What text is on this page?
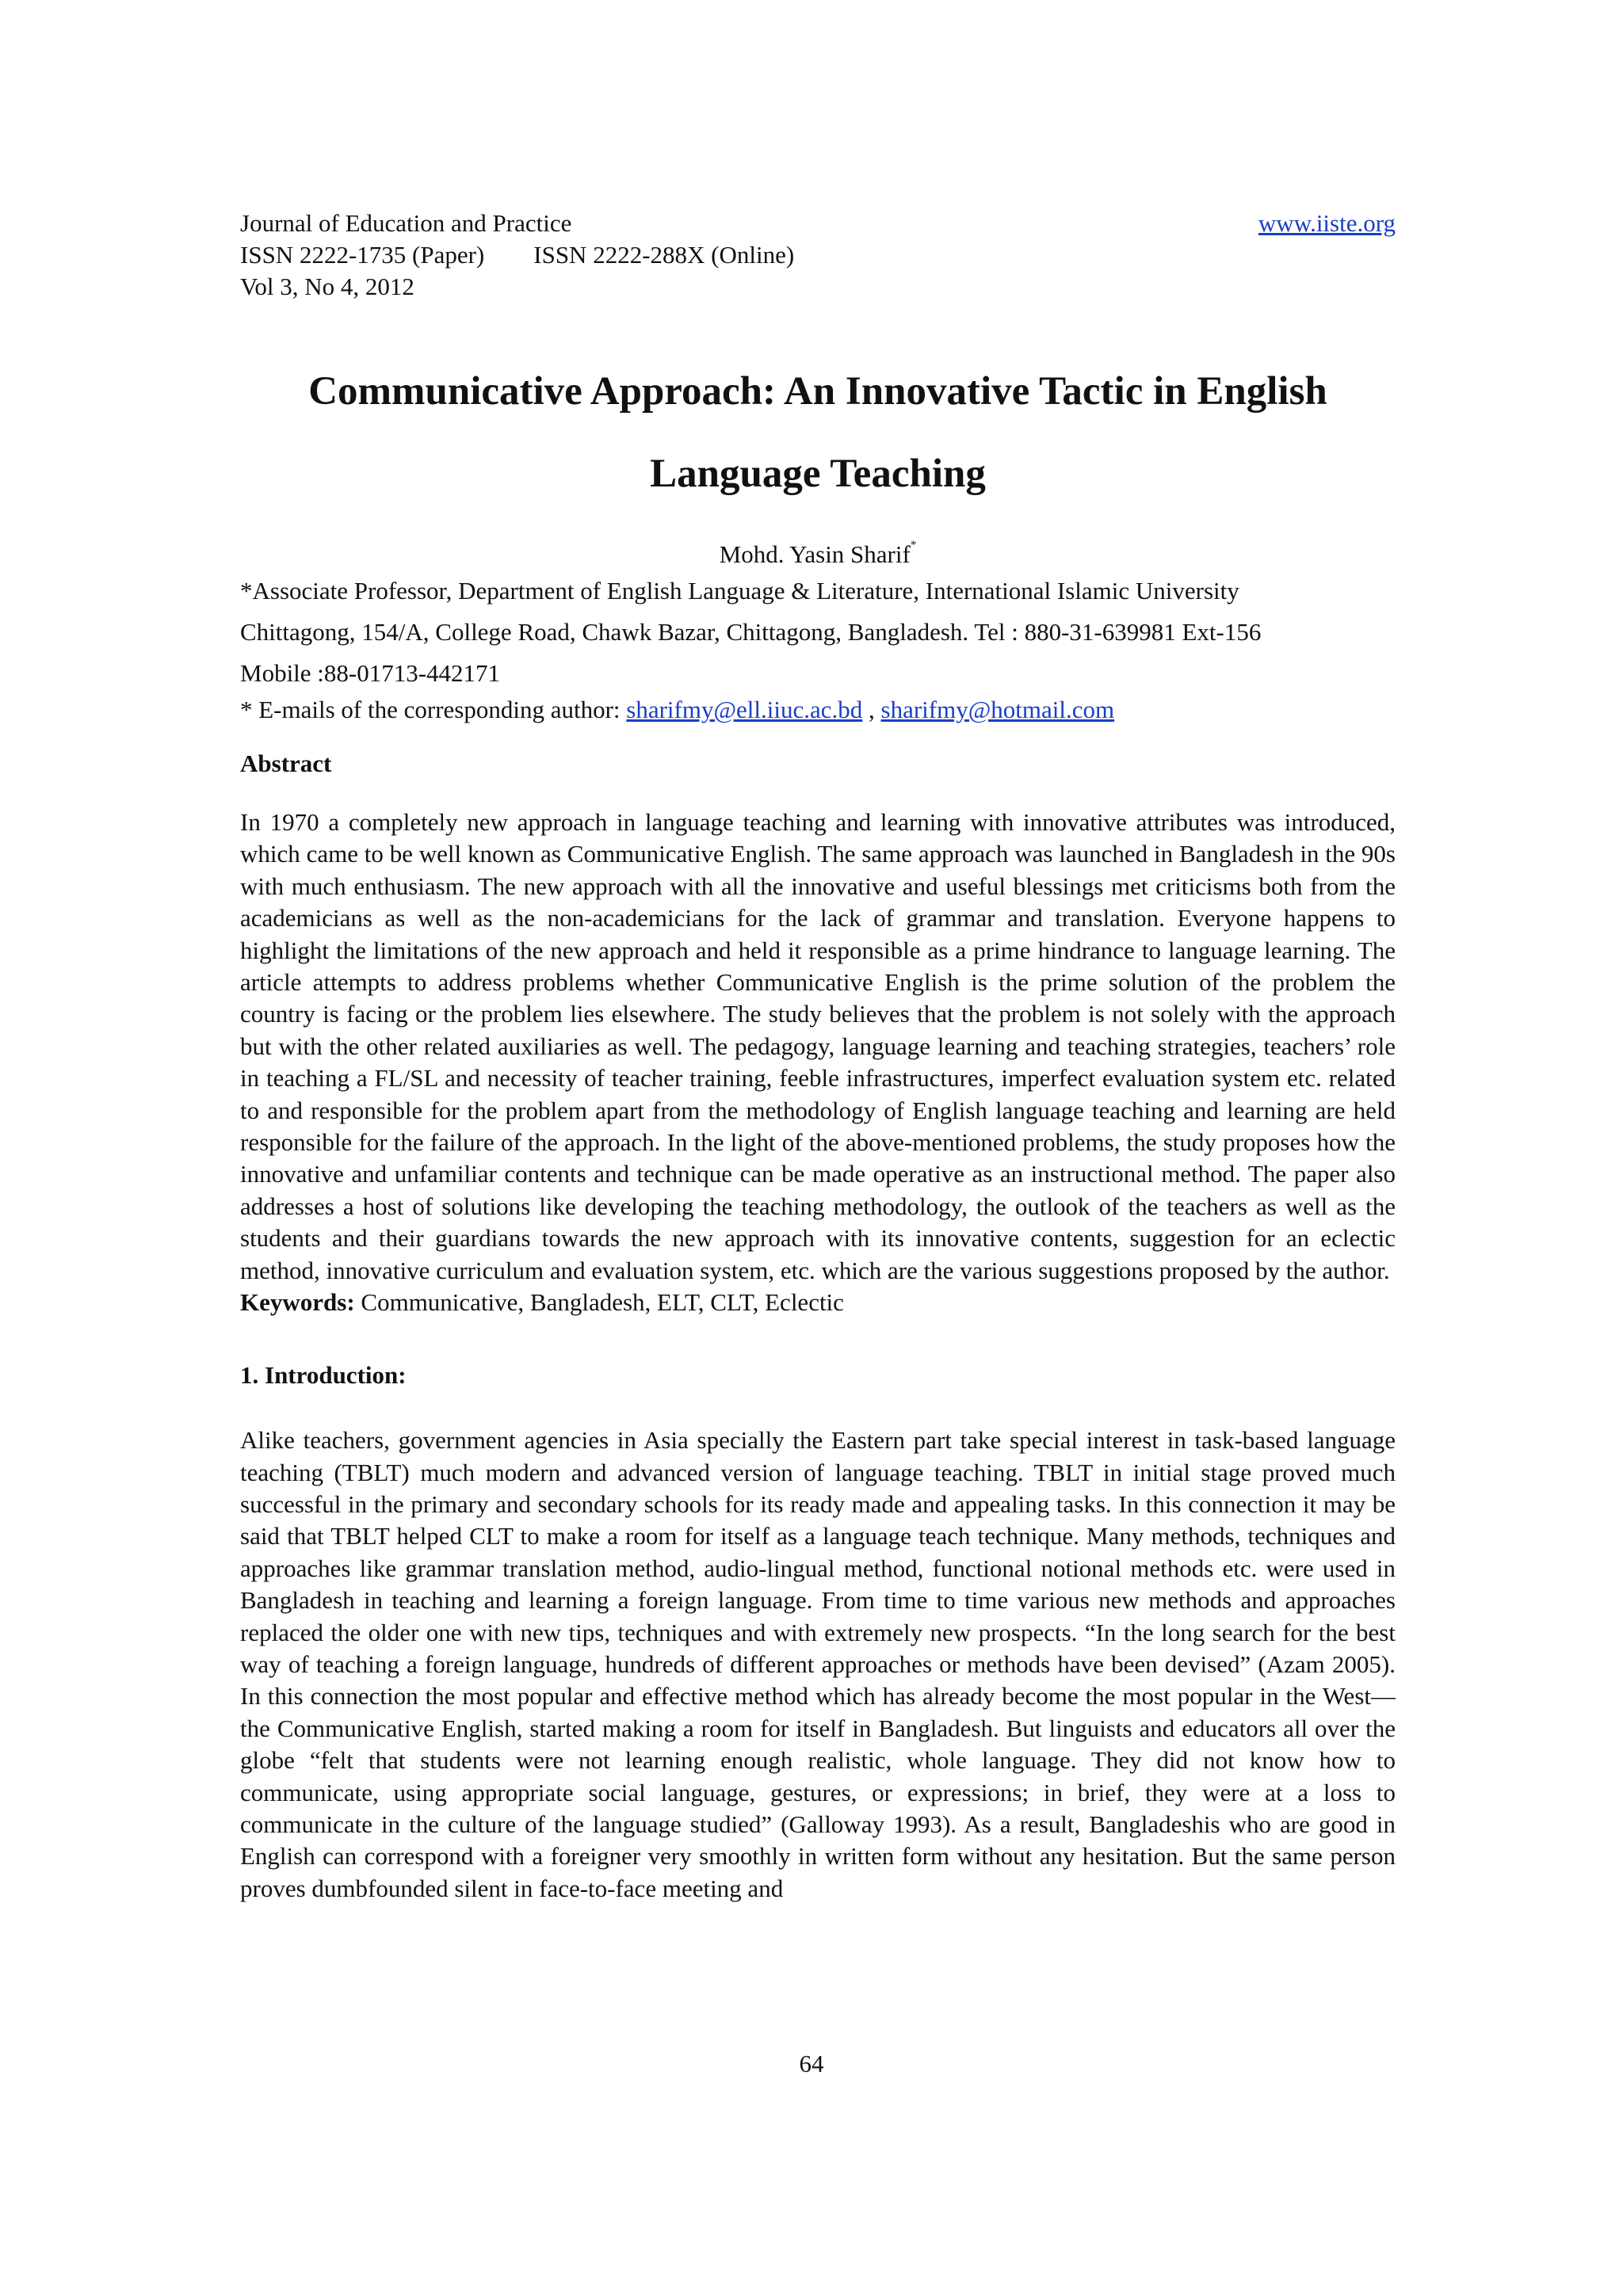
Journal of Education and Practice	www.iiste.org
ISSN 2222-1735 (Paper) ISSN 2222-288X (Online)
Vol 3, No 4, 2012
Communicative Approach: An Innovative Tactic in English
Language Teaching
Mohd. Yasin Sharif*
*Associate Professor, Department of English Language & Literature, International Islamic University
Chittagong, 154/A, College Road, Chawk Bazar, Chittagong, Bangladesh. Tel : 880-31-639981 Ext-156
Mobile :88-01713-442171
* E-mails of the corresponding author: sharifmy@ell.iiuc.ac.bd , sharifmy@hotmail.com
Abstract

In 1970 a completely new approach in language teaching and learning with innovative attributes was introduced, which came to be well known as Communicative English. The same approach was launched in Bangladesh in the 90s with much enthusiasm. The new approach with all the innovative and useful blessings met criticisms both from the academicians as well as the non-academicians for the lack of grammar and translation. Everyone happens to highlight the limitations of the new approach and held it responsible as a prime hindrance to language learning. The article attempts to address problems whether Communicative English is the prime solution of the problem the country is facing or the problem lies elsewhere. The study believes that the problem is not solely with the approach but with the other related auxiliaries as well. The pedagogy, language learning and teaching strategies, teachers’ role in teaching a FL/SL and necessity of teacher training, feeble infrastructures, imperfect evaluation system etc. related to and responsible for the problem apart from the methodology of English language teaching and learning are held responsible for the failure of the approach. In the light of the above-mentioned problems, the study proposes how the innovative and unfamiliar contents and technique can be made operative as an instructional method. The paper also addresses a host of solutions like developing the teaching methodology, the outlook of the teachers as well as the students and their guardians towards the new approach with its innovative contents, suggestion for an eclectic method, innovative curriculum and evaluation system, etc. which are the various suggestions proposed by the author.

Keywords: Communicative, Bangladesh, ELT, CLT, Eclectic
1. Introduction:

Alike teachers, government agencies in Asia specially the Eastern part take special interest in task-based language teaching (TBLT) much modern and advanced version of language teaching. TBLT in initial stage proved much successful in the primary and secondary schools for its ready made and appealing tasks. In this connection it may be said that TBLT helped CLT to make a room for itself as a language teach technique. Many methods, techniques and approaches like grammar translation method, audio-lingual method, functional notional methods etc. were used in Bangladesh in teaching and learning a foreign language. From time to time various new methods and approaches replaced the older one with new tips, techniques and with extremely new prospects. “In the long search for the best way of teaching a foreign language, hundreds of different approaches or methods have been devised” (Azam 2005). In this connection the most popular and effective method which has already become the most popular in the West— the Communicative English, started making a room for itself in Bangladesh. But linguists and educators all over the globe “felt that students were not learning enough realistic, whole language. They did not know how to communicate, using appropriate social language, gestures, or expressions; in brief, they were at a loss to communicate in the culture of the language studied” (Galloway 1993). As a result, Bangladeshis who are good in English can correspond with a foreigner very smoothly in written form without any hesitation. But the same person proves dumbfounded silent in face-to-face meeting and

64
